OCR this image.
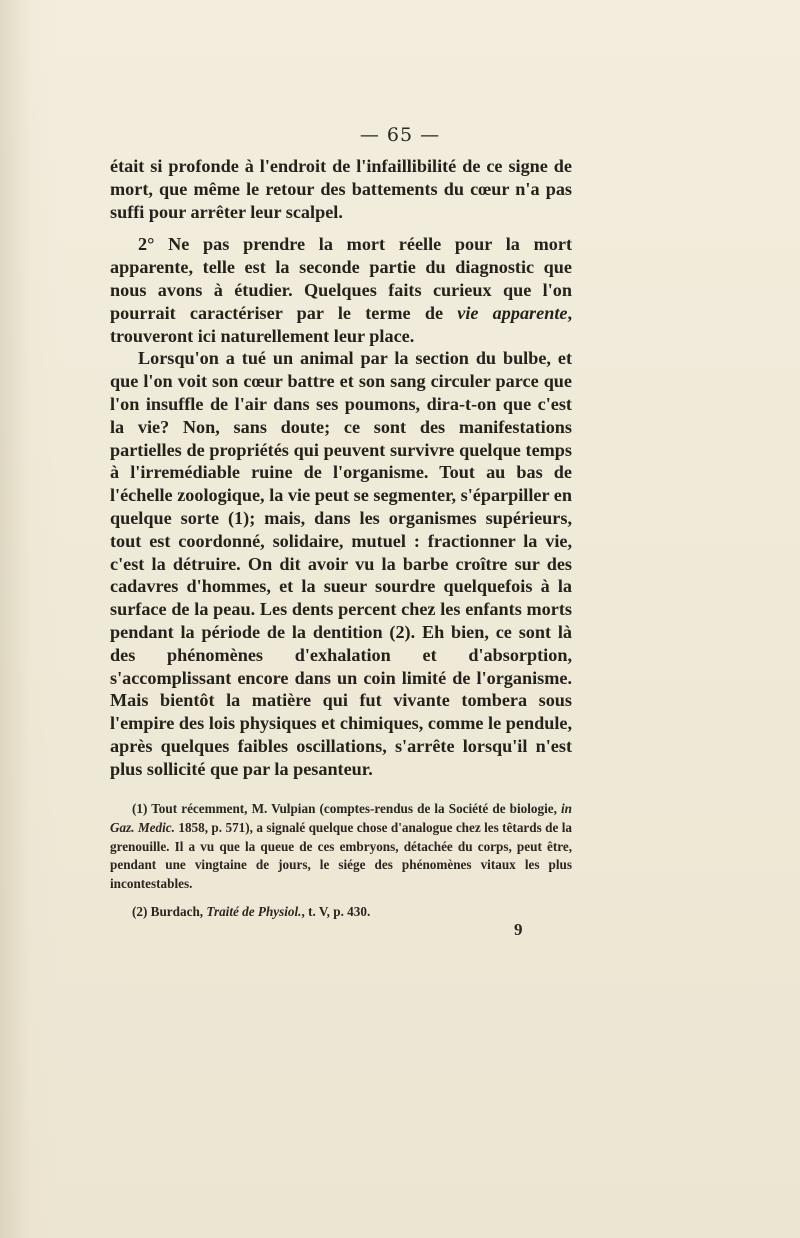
— 65 —

était si profonde à l'endroit de l'infaillibilité de ce signe de mort, que même le retour des battements du cœur n'a pas suffi pour arrêter leur scalpel.

2° Ne pas prendre la mort réelle pour la mort apparente, telle est la seconde partie du diagnostic que nous avons à étudier. Quelques faits curieux que l'on pourrait caractériser par le terme de vie apparente, trouveront ici naturellement leur place.

Lorsqu'on a tué un animal par la section du bulbe, et que l'on voit son cœur battre et son sang circuler parce que l'on insuffle de l'air dans ses poumons, dira-t-on que c'est la vie? Non, sans doute; ce sont des manifestations partielles de propriétés qui peuvent survivre quelque temps à l'irremédiable ruine de l'organisme. Tout au bas de l'échelle zoologique, la vie peut se segmenter, s'éparpiller en quelque sorte (1); mais, dans les organismes supérieurs, tout est coordonné, solidaire, mutuel : fractionner la vie, c'est la détruire. On dit avoir vu la barbe croître sur des cadavres d'hommes, et la sueur sourdre quelquefois à la surface de la peau. Les dents percent chez les enfants morts pendant la période de la dentition (2). Eh bien, ce sont là des phénomènes d'exhalation et d'absorption, s'accomplissant encore dans un coin limité de l'organisme. Mais bientôt la matière qui fut vivante tombera sous l'empire des lois physiques et chimiques, comme le pendule, après quelques faibles oscillations, s'arrête lorsqu'il n'est plus sollicité que par la pesanteur.

(1) Tout récemment, M. Vulpian (comptes-rendus de la Société de biologie, in Gaz. Medic. 1858, p. 571), a signalé quelque chose d'analogue chez les têtards de la grenouille. Il a vu que la queue de ces embryons, détachée du corps, peut être, pendant une vingtaine de jours, le siége des phénomènes vitaux les plus incontestables.

(2) Burdach, Traité de Physiol., t. V, p. 430.

9
